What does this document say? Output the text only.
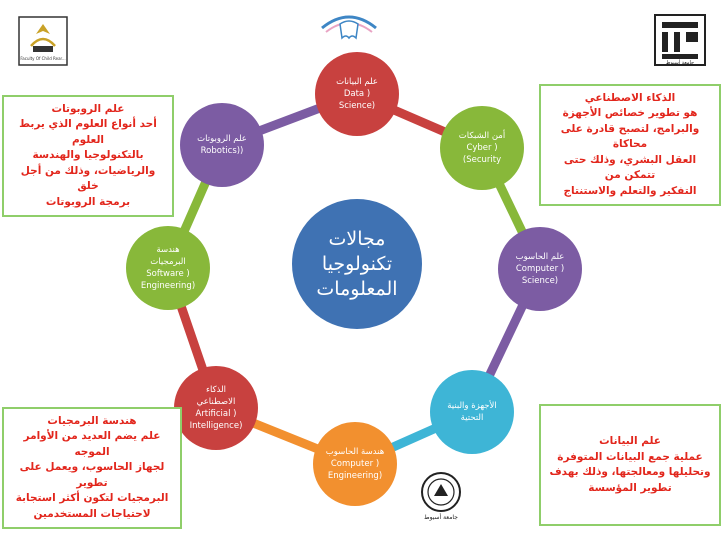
Faculty Of Child Rear...
جامعة أسيوط
جامعة أسيوط
مجالات
تكنولوجيا
المعلومات
علم البيانات
Data )
Science)
أمن الشبكات
Cyber )
(Security
علم الحاسوب
Computer )
Science)
الأجهزة والبنية
التحتية
هندسة الحاسوب
Computer )
Engineering)
الذكاء
الاصطناعي
Artificial )
Intelligence)
هندسة
البرمجيات
Software )
Engineering)
علم الروبوتات
Robotics))
علم الروبوتات
أحد أنواع العلوم الذي يربط العلوم
بالتكنولوجيا والهندسة
والرياضيات، وذلك من أجل خلق
برمجة الروبوتات
الذكاء الاصطناعي
هو تطوير خصائص الأجهزة
والبرامج، لتصبح قادرة على محاكاة
العقل البشري، وذلك حتى تتمكن من
التفكير والتعلم والاستنتاج
هندسة البرمجيات
علم يضم العديد من الأوامر الموجه
لجهاز الحاسوب، ويعمل على تطوير
البرمجيات لتكون أكثر استجابة
لاحتياجات المستخدمين
علم البيانات
عملية جمع البيانات المتوفرة
وتحليلها ومعالجتها، وذلك بهدف
تطوير المؤسسة
